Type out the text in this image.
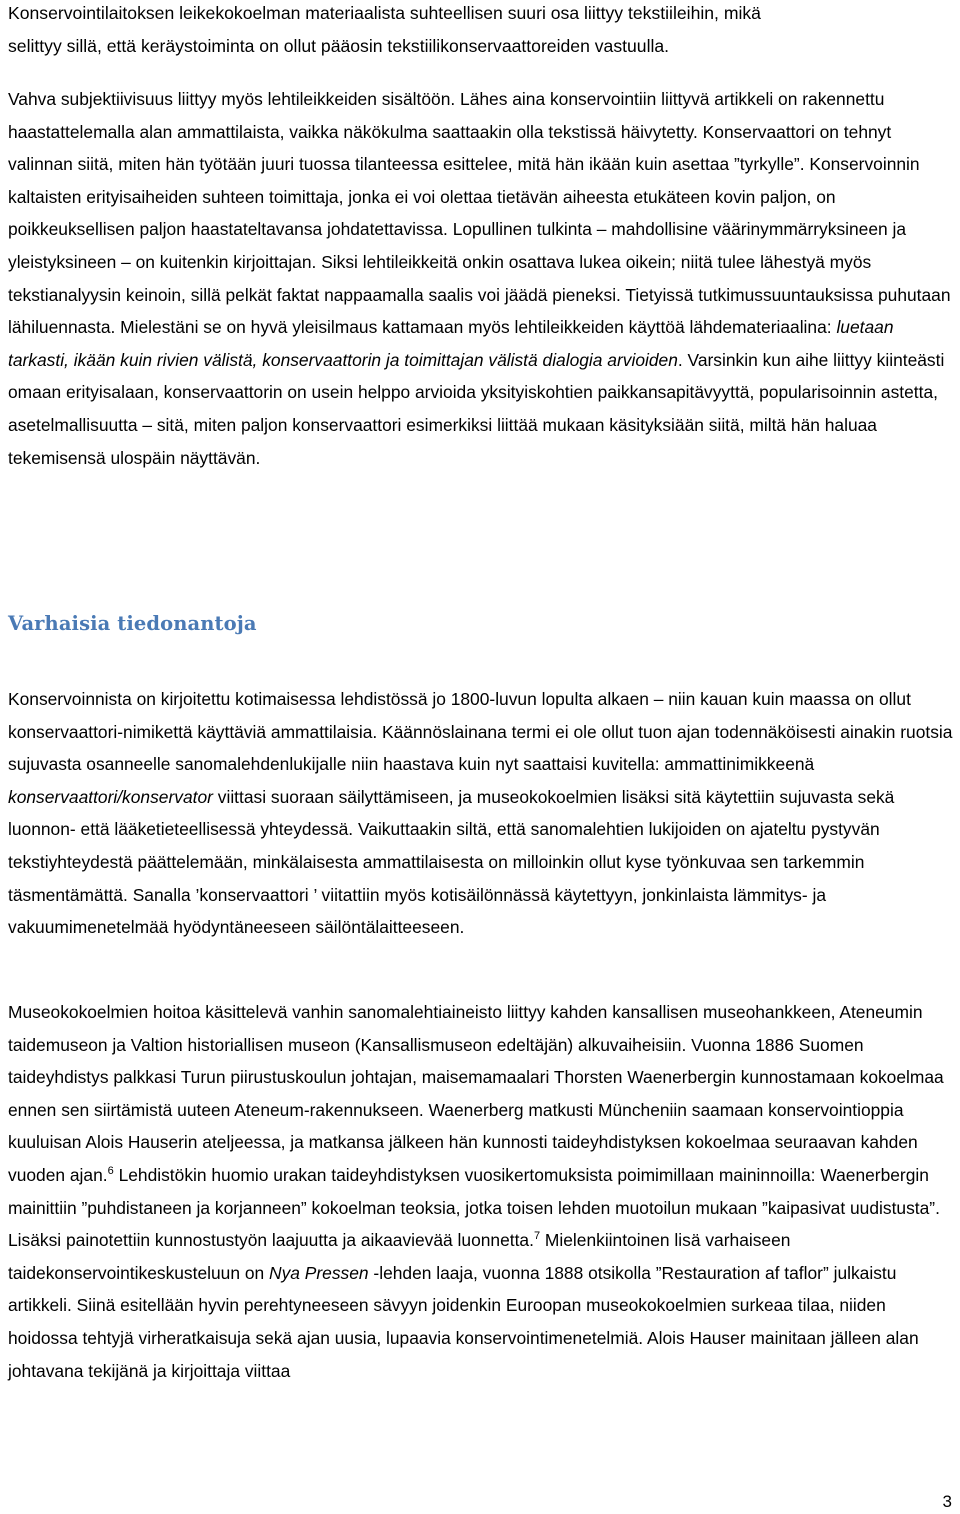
Konservointilaitoksen leikekokoelman materiaalista suhteellisen suuri osa liittyy tekstiileihin, mikä
selittyy sillä, että keräystoiminta on ollut pääosin tekstiilikonservaattoreiden vastuulla.

Vahva subjektiivisuus liittyy myös lehtileikkeiden sisältöön. Lähes aina konservointiin liittyvä artikkeli on rakennettu haastattelemalla alan ammattilaista, vaikka näkökulma saattaakin olla tekstissä häivytetty. Konservaattori on tehnyt valinnan siitä, miten hän työtään juuri tuossa tilanteessa esittelee, mitä hän ikään kuin asettaa ”tyrkylle”. Konservoinnin kaltaisten erityisaiheiden suhteen toimittaja, jonka ei voi olettaa tietävän aiheesta etukäteen kovin paljon, on poikkeuksellisen paljon haastateltavansa johdatettavissa. Lopullinen tulkinta – mahdollisine väärinymmärryksineen ja yleistyksineen – on kuitenkin kirjoittajan. Siksi lehtileikkeitä onkin osattava lukea oikein; niitä tulee lähestyä myös tekstianalyysin keinoin, sillä pelkät faktat nappaamalla saalis voi jäädä pieneksi. Tietyissä tutkimussuuntauksissa puhutaan lähiluennasta. Mielestäni se on hyvä yleisilmaus kattamaan myös lehtileikkeiden käyttöä lähdemateriaalina: luetaan tarkasti, ikään kuin rivien välistä, konservaattorin ja toimittajan välistä dialogia arvioiden. Varsinkin kun aihe liittyy kiinteästi omaan erityisalaan, konservaattorin on usein helppo arvioida yksityiskohtien paikkansapitävyyttä, popularisoinnin astetta, asetelmallisuutta – sitä, miten paljon konservaattori esimerkiksi liittää mukaan käsityksiään siitä, miltä hän haluaa tekemisensä ulospäin näyttävän.

Varhaisia tiedonantoja

Konservoinnista on kirjoitettu kotimaisessa lehdistössä jo 1800-luvun lopulta alkaen – niin kauan kuin maassa on ollut konservaattori-nimikettä käyttäviä ammattilaisia. Käännöslainana termi ei ole ollut tuon ajan todennäköisesti ainakin ruotsia sujuvasta osanneelle sanomalehdenlukijalle niin haastava kuin nyt saattaisi kuvitella: ammattinimikkeenä konservaattori/konservator viittasi suoraan säilyttämiseen, ja museokokoelmien lisäksi sitä käytettiin sujuvasta sekä luonnon- että lääketieteellisessä yhteydessä. Vaikuttaakin siltä, että sanomalehtien lukijoiden on ajateltu pystyvän tekstiyhteydestä päättelemään, minkälaisesta ammattilaisesta on milloinkin ollut kyse työnkuvaa sen tarkemmin täsmentämättä. Sanalla ’konservaattori ’ viitattiin myös kotisäilönnässä käytettyyn, jonkinlaista lämmitys- ja vakuumimenetelmää hyödyntäneeseen säilöntälaitteeseen.

Museokokoelmien hoitoa käsittelevä vanhin sanomalehtiaineisto liittyy kahden kansallisen museohankkeen, Ateneumin taidemuseon ja Valtion historiallisen museon (Kansallismuseon edeltäjän) alkuvaiheisiin. Vuonna 1886 Suomen taideyhdistys palkkasi Turun piirustuskoulun johtajan, maisemamaalari Thorsten Waenerbergin kunnostamaan kokoelmaa ennen sen siirtämistä uuteen Ateneum-rakennukseen. Waenerberg matkusti Müncheniin saamaan konservointioppia kuuluisan Alois Hauserin ateljeessa, ja matkansa jälkeen hän kunnosti taideyhdistyksen kokoelmaa seuraavan kahden vuoden ajan.$^6$ Lehdistökin huomio urakan taideyhdistyksen vuosikertomuksista poimimillaan maininnoilla: Waenerbergin mainittiin ”puhdistaneen ja korjanneen” kokoelman teoksia, jotka toisen lehden muotoilun mukaan ”kaipasivat uudistusta”. Lisäksi painotettiin kunnostustyön laajuutta ja aikaavievää luonnetta.$^7$ Mielenkiintoinen lisä varhaiseen taidekonservointikeskusteluun on Nya Pressen -lehden laaja, vuonna 1888 otsikolla ”Restauration af taflor” julkaistu artikkeli. Siinä esitellään hyvin perehtyneeseen sävyyn joidenkin Euroopan museokokoelmien surkeaa tilaa, niiden hoidossa tehtyjä virheratkaisuja sekä ajan uusia, lupaavia konservointimenetelmiä. Alois Hauser mainitaan jälleen alan johtavana tekijänä ja kirjoittaja viittaa

3
